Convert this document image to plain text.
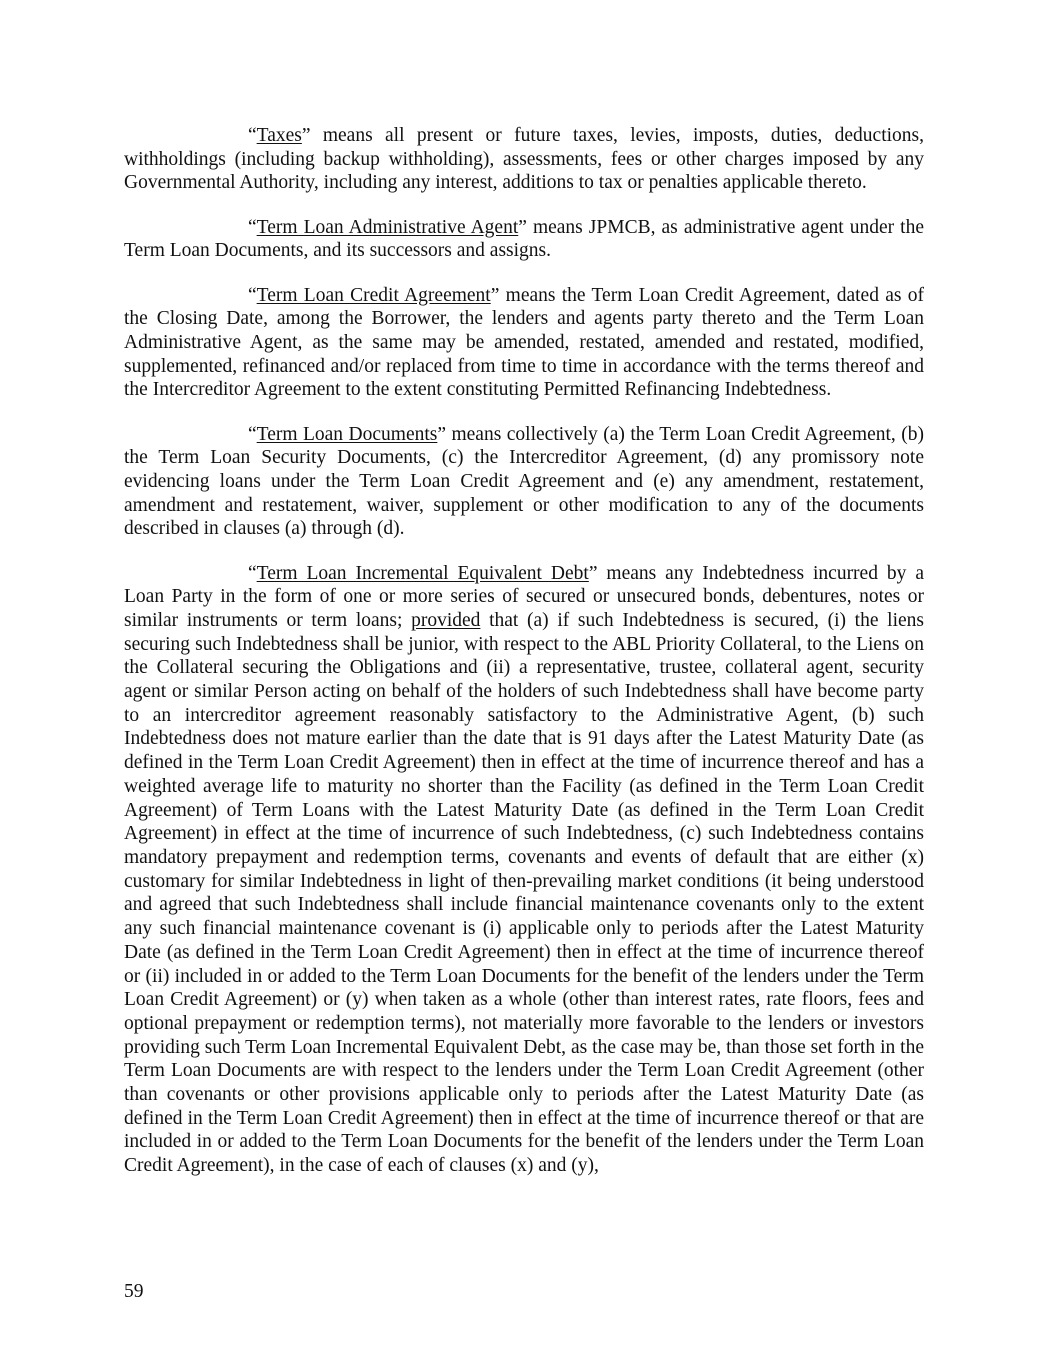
“Taxes” means all present or future taxes, levies, imposts, duties, deductions, withholdings (including backup withholding), assessments, fees or other charges imposed by any Governmental Authority, including any interest, additions to tax or penalties applicable thereto.

“Term Loan Administrative Agent” means JPMCB, as administrative agent under the Term Loan Documents, and its successors and assigns.

“Term Loan Credit Agreement” means the Term Loan Credit Agreement, dated as of the Closing Date, among the Borrower, the lenders and agents party thereto and the Term Loan Administrative Agent, as the same may be amended, restated, amended and restated, modified, supplemented, refinanced and/or replaced from time to time in accordance with the terms thereof and the Intercreditor Agreement to the extent constituting Permitted Refinancing Indebtedness.

“Term Loan Documents” means collectively (a) the Term Loan Credit Agreement, (b) the Term Loan Security Documents, (c) the Intercreditor Agreement, (d) any promissory note evidencing loans under the Term Loan Credit Agreement and (e) any amendment, restatement, amendment and restatement, waiver, supplement or other modification to any of the documents described in clauses (a) through (d).

“Term Loan Incremental Equivalent Debt” means any Indebtedness incurred by a Loan Party in the form of one or more series of secured or unsecured bonds, debentures, notes or similar instruments or term loans; provided that (a) if such Indebtedness is secured, (i) the liens securing such Indebtedness shall be junior, with respect to the ABL Priority Collateral, to the Liens on the Collateral securing the Obligations and (ii) a representative, trustee, collateral agent, security agent or similar Person acting on behalf of the holders of such Indebtedness shall have become party to an intercreditor agreement reasonably satisfactory to the Administrative Agent, (b) such Indebtedness does not mature earlier than the date that is 91 days after the Latest Maturity Date (as defined in the Term Loan Credit Agreement) then in effect at the time of incurrence thereof and has a weighted average life to maturity no shorter than the Facility (as defined in the Term Loan Credit Agreement) of Term Loans with the Latest Maturity Date (as defined in the Term Loan Credit Agreement) in effect at the time of incurrence of such Indebtedness, (c) such Indebtedness contains mandatory prepayment and redemption terms, covenants and events of default that are either (x) customary for similar Indebtedness in light of then-prevailing market conditions (it being understood and agreed that such Indebtedness shall include financial maintenance covenants only to the extent any such financial maintenance covenant is (i) applicable only to periods after the Latest Maturity Date (as defined in the Term Loan Credit Agreement) then in effect at the time of incurrence thereof or (ii) included in or added to the Term Loan Documents for the benefit of the lenders under the Term Loan Credit Agreement) or (y) when taken as a whole (other than interest rates, rate floors, fees and optional prepayment or redemption terms), not materially more favorable to the lenders or investors providing such Term Loan Incremental Equivalent Debt, as the case may be, than those set forth in the Term Loan Documents are with respect to the lenders under the Term Loan Credit Agreement (other than covenants or other provisions applicable only to periods after the Latest Maturity Date (as defined in the Term Loan Credit Agreement) then in effect at the time of incurrence thereof or that are included in or added to the Term Loan Documents for the benefit of the lenders under the Term Loan Credit Agreement), in the case of each of clauses (x) and (y),

59
